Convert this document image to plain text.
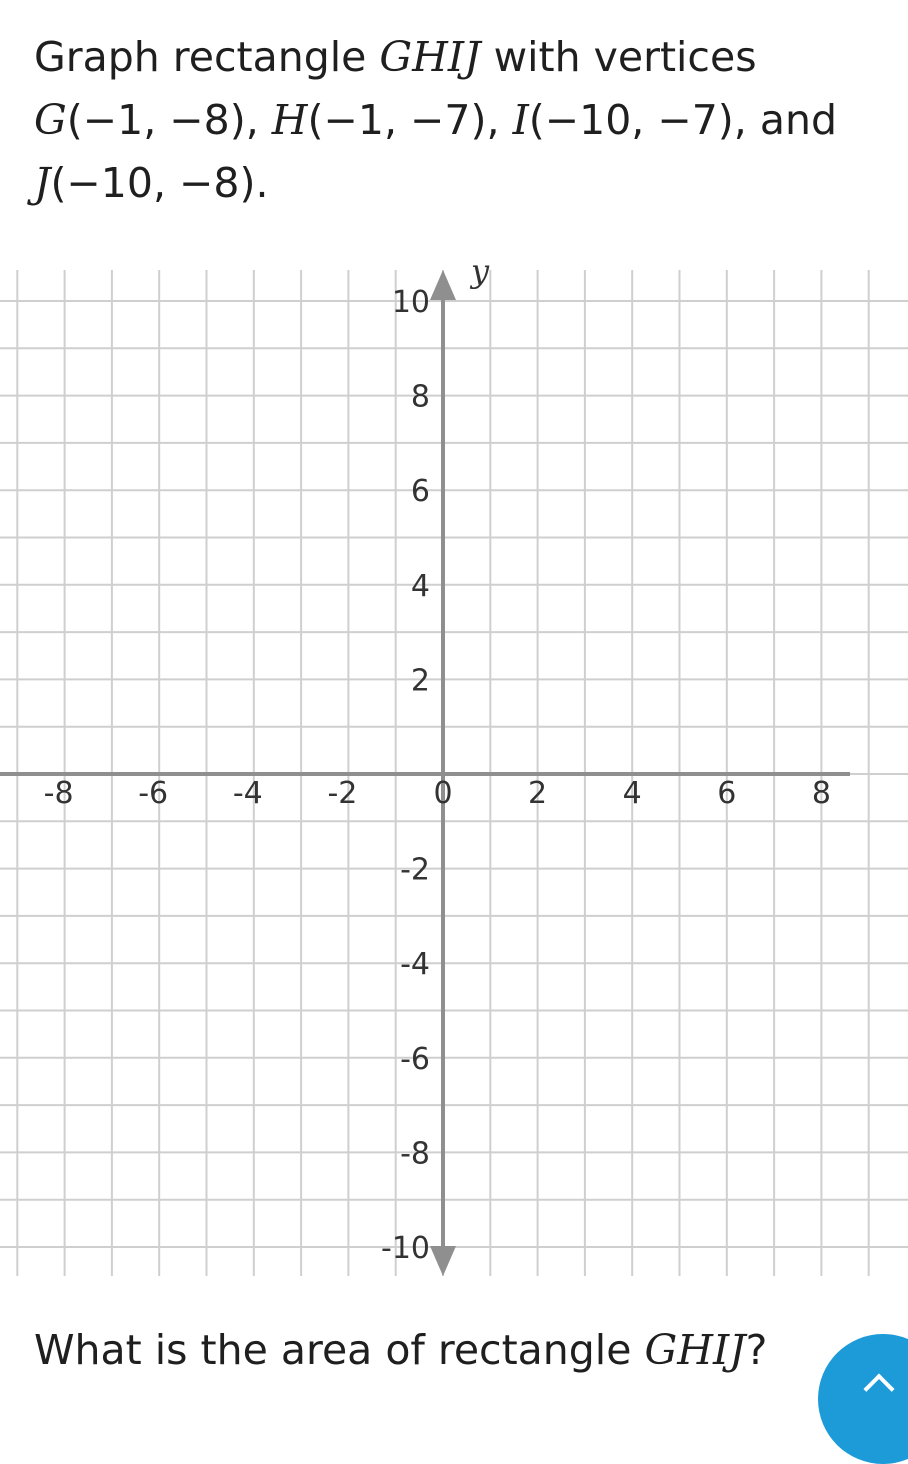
Graph rectangle GHIJ with vertices
G(−1, −8), H(−1, −7), I(−10, −7), and
J(−10, −8).
y
-8 -6 -4 -2	0	2	4	6	8
10
8
6
4
2
-2
-4
-6
-8
-10
What is the area of rectangle GHIJ?
